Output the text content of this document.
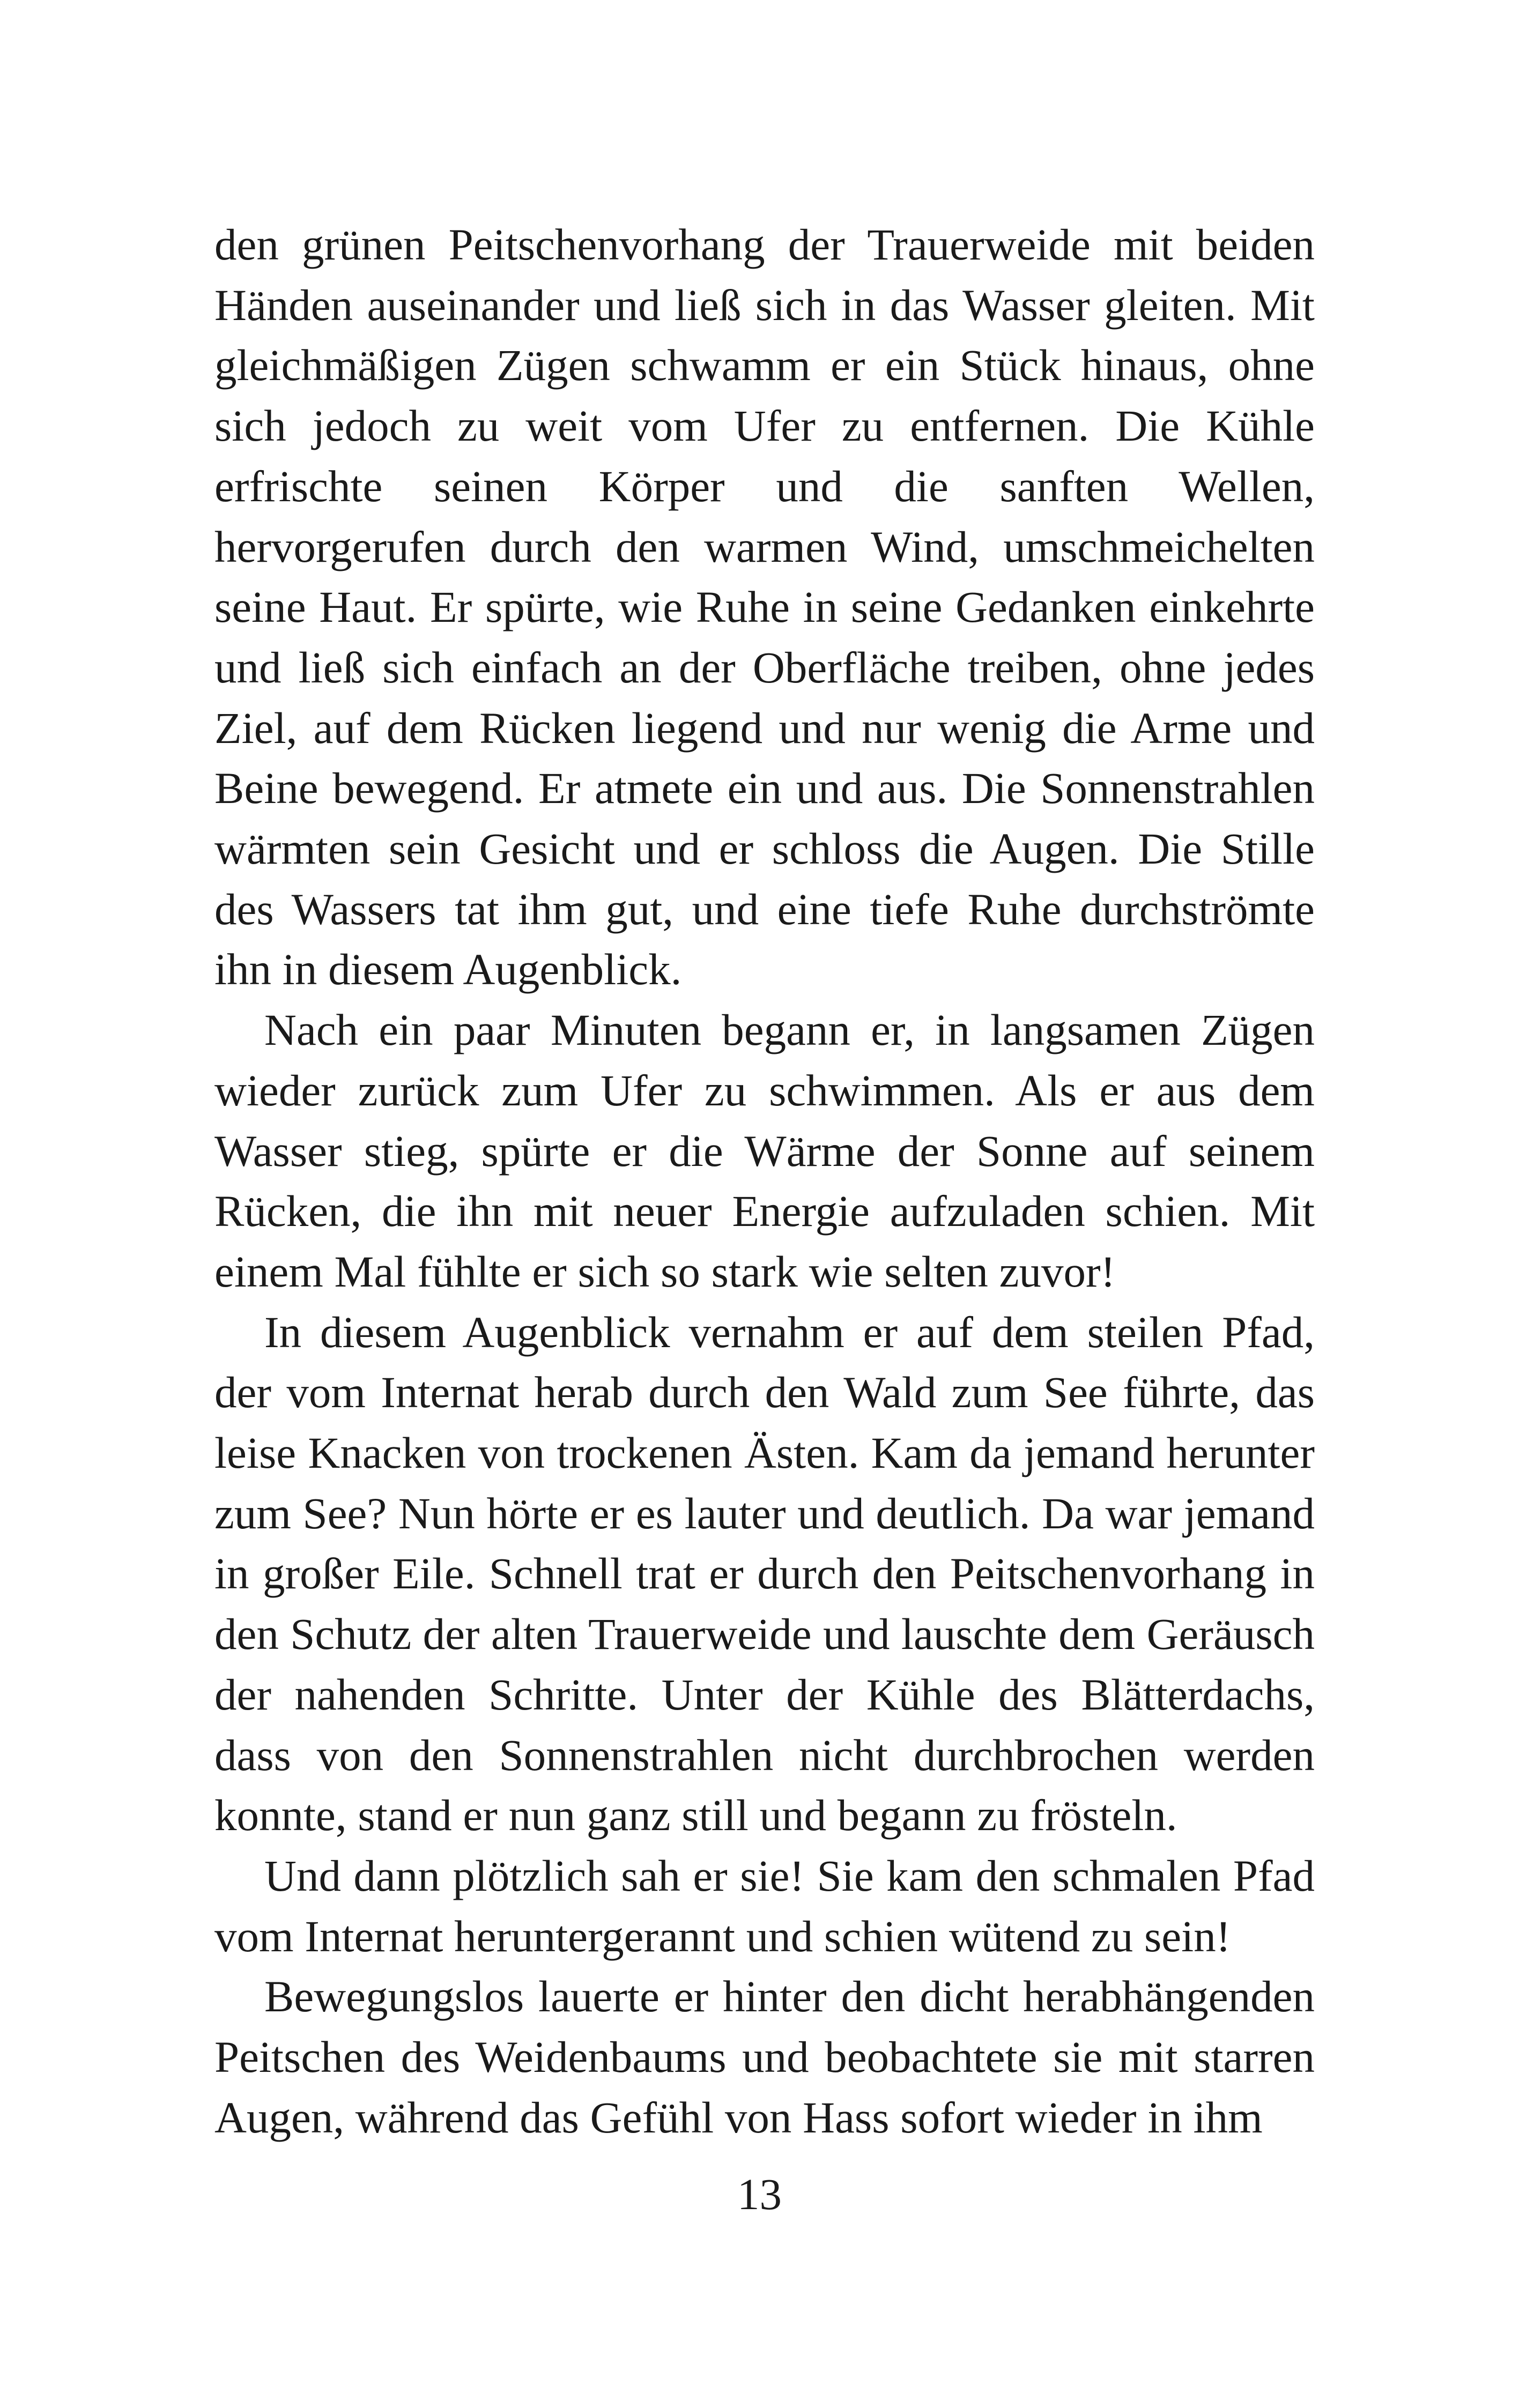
den grünen Peitschenvorhang der Trauerweide mit beiden Händen auseinander und ließ sich in das Wasser gleiten. Mit gleichmäßigen Zügen schwamm er ein Stück hinaus, ohne sich jedoch zu weit vom Ufer zu entfernen. Die Kühle erfrischte seinen Körper und die sanften Wellen, hervorgerufen durch den warmen Wind, umschmeichelten seine Haut. Er spürte, wie Ruhe in seine Gedanken einkehrte und ließ sich einfach an der Oberfläche treiben, ohne jedes Ziel, auf dem Rücken liegend und nur wenig die Arme und Beine bewegend. Er atmete ein und aus. Die Sonnenstrahlen wärmten sein Gesicht und er schloss die Augen. Die Stille des Wassers tat ihm gut, und eine tiefe Ruhe durchströmte ihn in diesem Augenblick.

Nach ein paar Minuten begann er, in langsamen Zügen wieder zurück zum Ufer zu schwimmen. Als er aus dem Wasser stieg, spürte er die Wärme der Sonne auf seinem Rücken, die ihn mit neuer Energie aufzuladen schien. Mit einem Mal fühlte er sich so stark wie selten zuvor!

In diesem Augenblick vernahm er auf dem steilen Pfad, der vom Internat herab durch den Wald zum See führte, das leise Knacken von trockenen Ästen. Kam da jemand herunter zum See? Nun hörte er es lauter und deutlich. Da war jemand in großer Eile. Schnell trat er durch den Peitschenvorhang in den Schutz der alten Trauerweide und lauschte dem Geräusch der nahenden Schritte. Unter der Kühle des Blätterdachs, dass von den Sonnenstrahlen nicht durchbrochen werden konnte, stand er nun ganz still und begann zu frösteln.

Und dann plötzlich sah er sie! Sie kam den schmalen Pfad vom Internat heruntergerannt und schien wütend zu sein!

Bewegungslos lauerte er hinter den dicht herabhängenden Peitschen des Weidenbaums und beobachtete sie mit starren Augen, während das Gefühl von Hass sofort wieder in ihm

13
